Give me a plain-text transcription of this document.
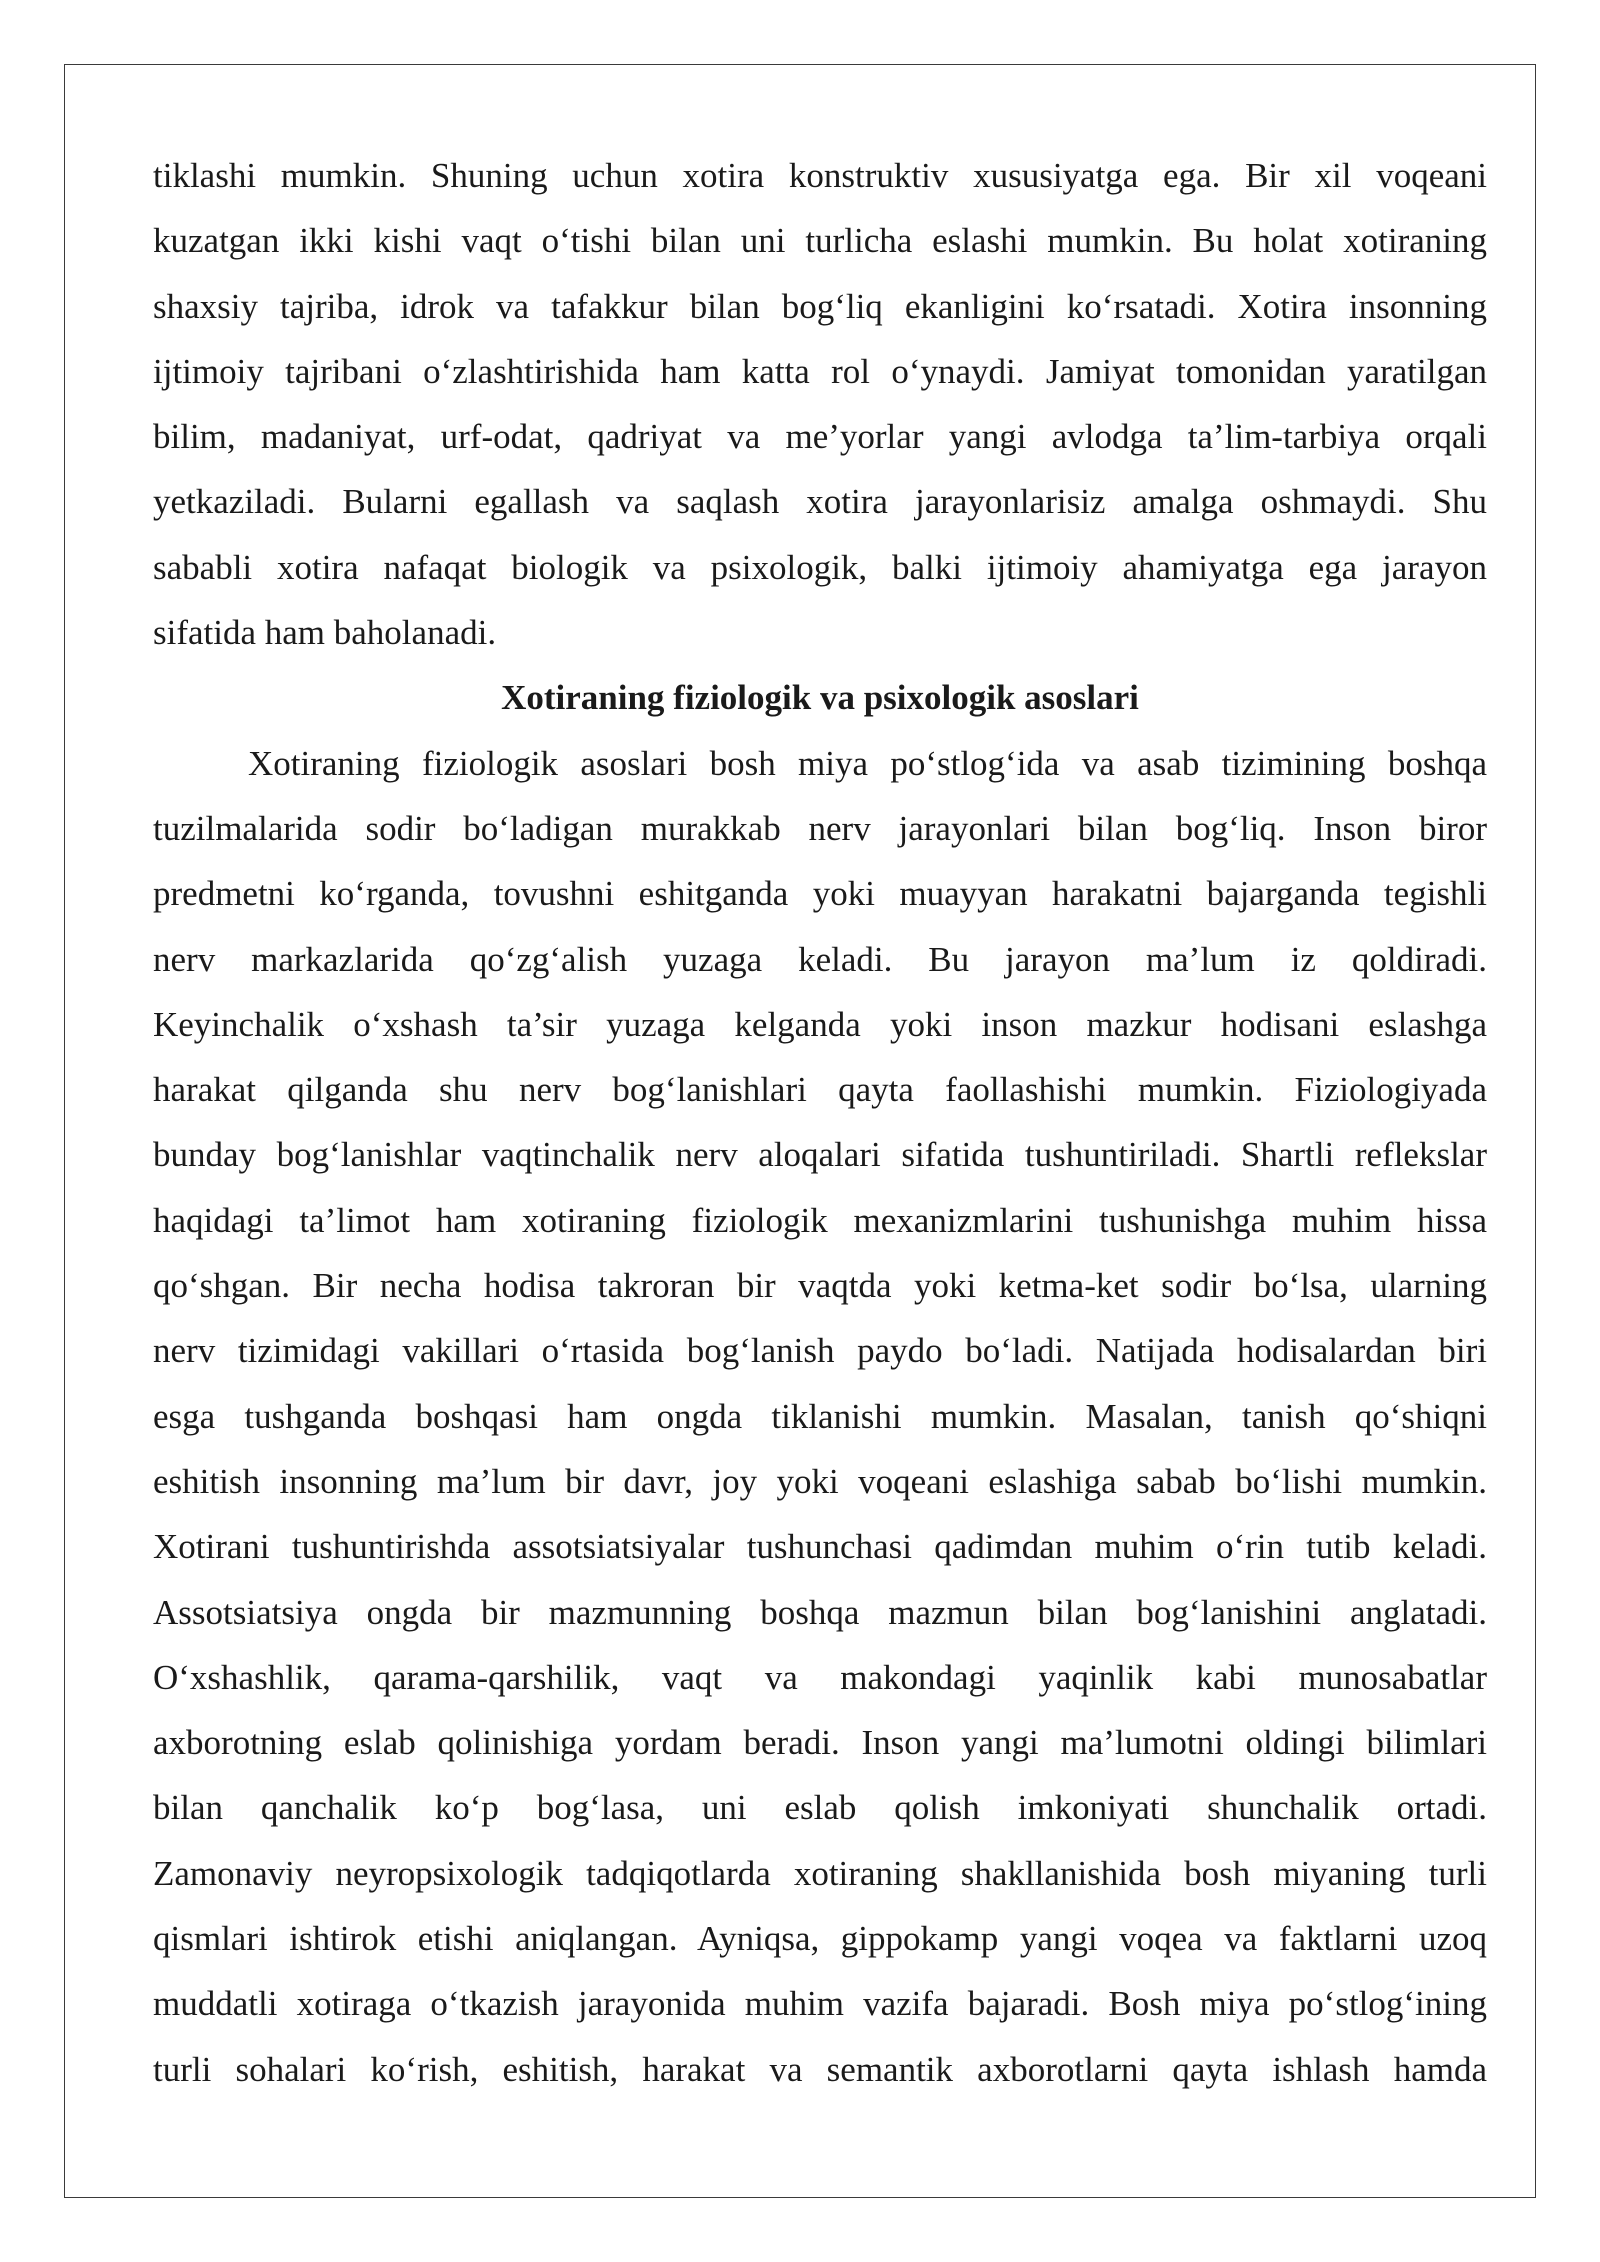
tiklashi mumkin. Shuning uchun xotira konstruktiv xususiyatga ega. Bir xil voqeani
kuzatgan ikki kishi vaqt o‘tishi bilan uni turlicha eslashi mumkin. Bu holat xotiraning
shaxsiy tajriba, idrok va tafakkur bilan bog‘liq ekanligini ko‘rsatadi. Xotira insonning
ijtimoiy tajribani o‘zlashtirishida ham katta rol o‘ynaydi. Jamiyat tomonidan yaratilgan
bilim, madaniyat, urf-odat, qadriyat va me’yorlar yangi avlodga ta’lim-tarbiya orqali
yetkaziladi. Bularni egallash va saqlash xotira jarayonlarisiz amalga oshmaydi. Shu
sababli xotira nafaqat biologik va psixologik, balki ijtimoiy ahamiyatga ega jarayon
sifatida ham baholanadi.
Xotiraning fiziologik va psixologik asoslari
Xotiraning fiziologik asoslari bosh miya po‘stlog‘ida va asab tizimining boshqa
tuzilmalarida sodir bo‘ladigan murakkab nerv jarayonlari bilan bog‘liq. Inson biror
predmetni ko‘rganda, tovushni eshitganda yoki muayyan harakatni bajarganda tegishli
nerv markazlarida qo‘zg‘alish yuzaga keladi. Bu jarayon ma’lum iz qoldiradi.
Keyinchalik o‘xshash ta’sir yuzaga kelganda yoki inson mazkur hodisani eslashga
harakat qilganda shu nerv bog‘lanishlari qayta faollashishi mumkin. Fiziologiyada
bunday bog‘lanishlar vaqtinchalik nerv aloqalari sifatida tushuntiriladi. Shartli reflekslar
haqidagi ta’limot ham xotiraning fiziologik mexanizmlarini tushunishga muhim hissa
qo‘shgan. Bir necha hodisa takroran bir vaqtda yoki ketma-ket sodir bo‘lsa, ularning
nerv tizimidagi vakillari o‘rtasida bog‘lanish paydo bo‘ladi. Natijada hodisalardan biri
esga tushganda boshqasi ham ongda tiklanishi mumkin. Masalan, tanish qo‘shiqni
eshitish insonning ma’lum bir davr, joy yoki voqeani eslashiga sabab bo‘lishi mumkin.
Xotirani tushuntirishda assotsiatsiyalar tushunchasi qadimdan muhim o‘rin tutib keladi.
Assotsiatsiya ongda bir mazmunning boshqa mazmun bilan bog‘lanishini anglatadi.
O‘xshashlik, qarama-qarshilik, vaqt va makondagi yaqinlik kabi munosabatlar
axborotning eslab qolinishiga yordam beradi. Inson yangi ma’lumotni oldingi bilimlari
bilan qanchalik ko‘p bog‘lasa, uni eslab qolish imkoniyati shunchalik ortadi.
Zamonaviy neyropsixologik tadqiqotlarda xotiraning shakllanishida bosh miyaning turli
qismlari ishtirok etishi aniqlangan. Ayniqsa, gippokamp yangi voqea va faktlarni uzoq
muddatli xotiraga o‘tkazish jarayonida muhim vazifa bajaradi. Bosh miya po‘stlog‘ining
turli sohalari ko‘rish, eshitish, harakat va semantik axborotlarni qayta ishlash hamda
